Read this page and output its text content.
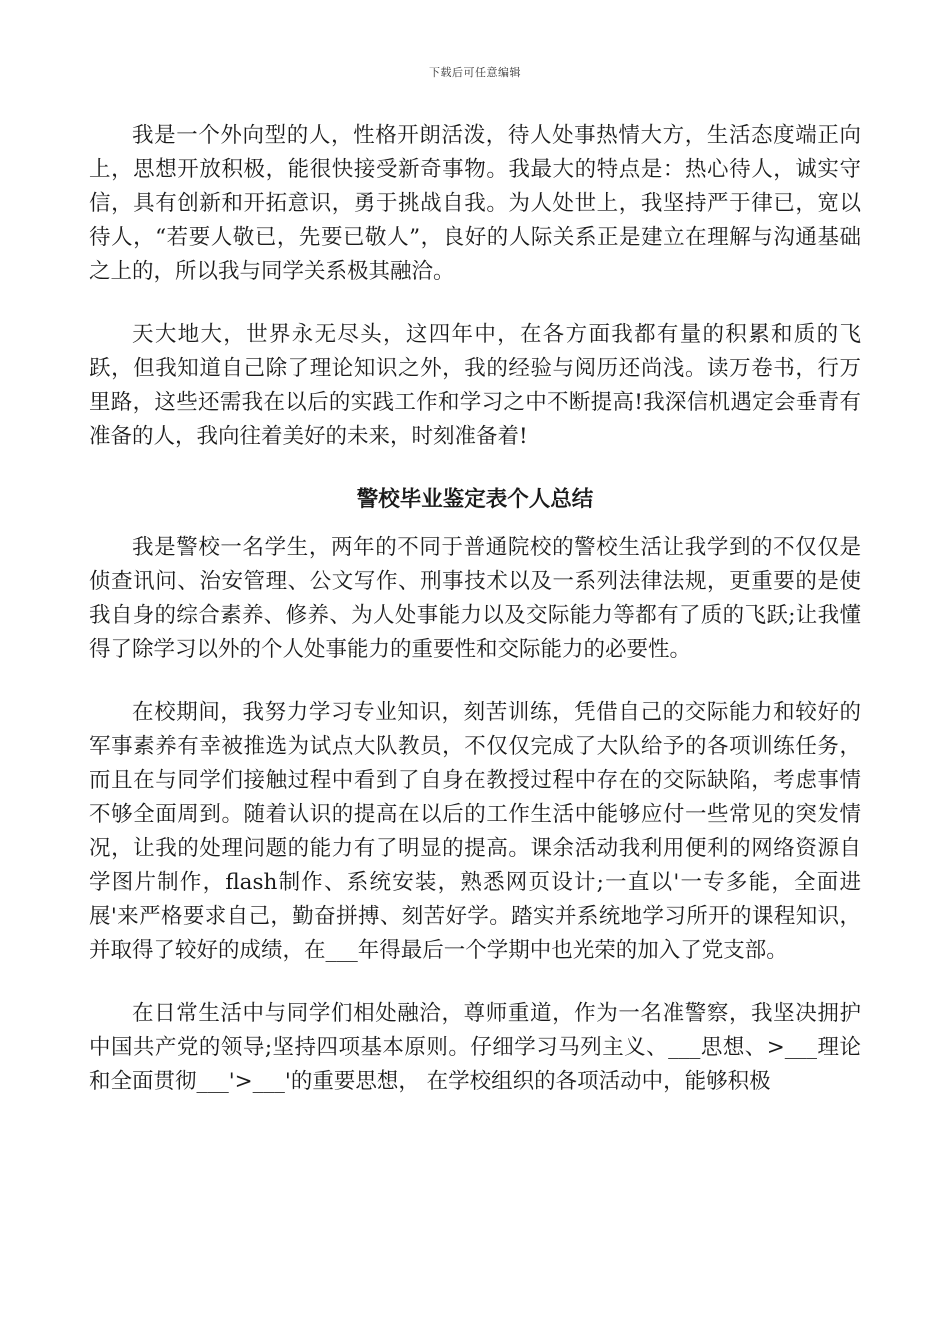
下载后可任意编辑

我是一个外向型的人，性格开朗活泼，待人处事热情大方，生活态度端正向上，思想开放积极，能很快接受新奇事物。我最大的特点是：热心待人，诚实守信，具有创新和开拓意识，勇于挑战自我。为人处世上，我坚持严于律已，宽以待人，“若要人敬已，先要已敬人”，良好的人际关系正是建立在理解与沟通基础之上的，所以我与同学关系极其融洽。

天大地大，世界永无尽头，这四年中，在各方面我都有量的积累和质的飞跃，但我知道自己除了理论知识之外，我的经验与阅历还尚浅。读万卷书，行万里路，这些还需我在以后的实践工作和学习之中不断提高!我深信机遇定会垂青有准备的人，我向往着美好的未来，时刻准备着!

警校毕业鉴定表个人总结

我是警校一名学生，两年的不同于普通院校的警校生活让我学到的不仅仅是侦查讯问、治安管理、公文写作、刑事技术以及一系列法律法规，更重要的是使我自身的综合素养、修养、为人处事能力以及交际能力等都有了质的飞跃;让我懂得了除学习以外的个人处事能力的重要性和交际能力的必要性。

在校期间，我努力学习专业知识，刻苦训练，凭借自己的交际能力和较好的军事素养有幸被推选为试点大队教员，不仅仅完成了大队给予的各项训练任务，而且在与同学们接触过程中看到了自身在教授过程中存在的交际缺陷，考虑事情不够全面周到。随着认识的提高在以后的工作生活中能够应付一些常见的突发情况，让我的处理问题的能力有了明显的提高。课余活动我利用便利的网络资源自学图片制作，flash制作、系统安装，熟悉网页设计;一直以'一专多能，全面进展'来严格要求自己，勤奋拼搏、刻苦好学。踏实并系统地学习所开的课程知识，并取得了较好的成绩，在___年得最后一个学期中也光荣的加入了党支部。

在日常生活中与同学们相处融洽，尊师重道，作为一名准警察，我坚决拥护中国共产党的领导;坚持四项基本原则。仔细学习马列主义、___思想、>___理论和全面贯彻___'>___'的重要思想， 在学校组织的各项活动中，能够积极
